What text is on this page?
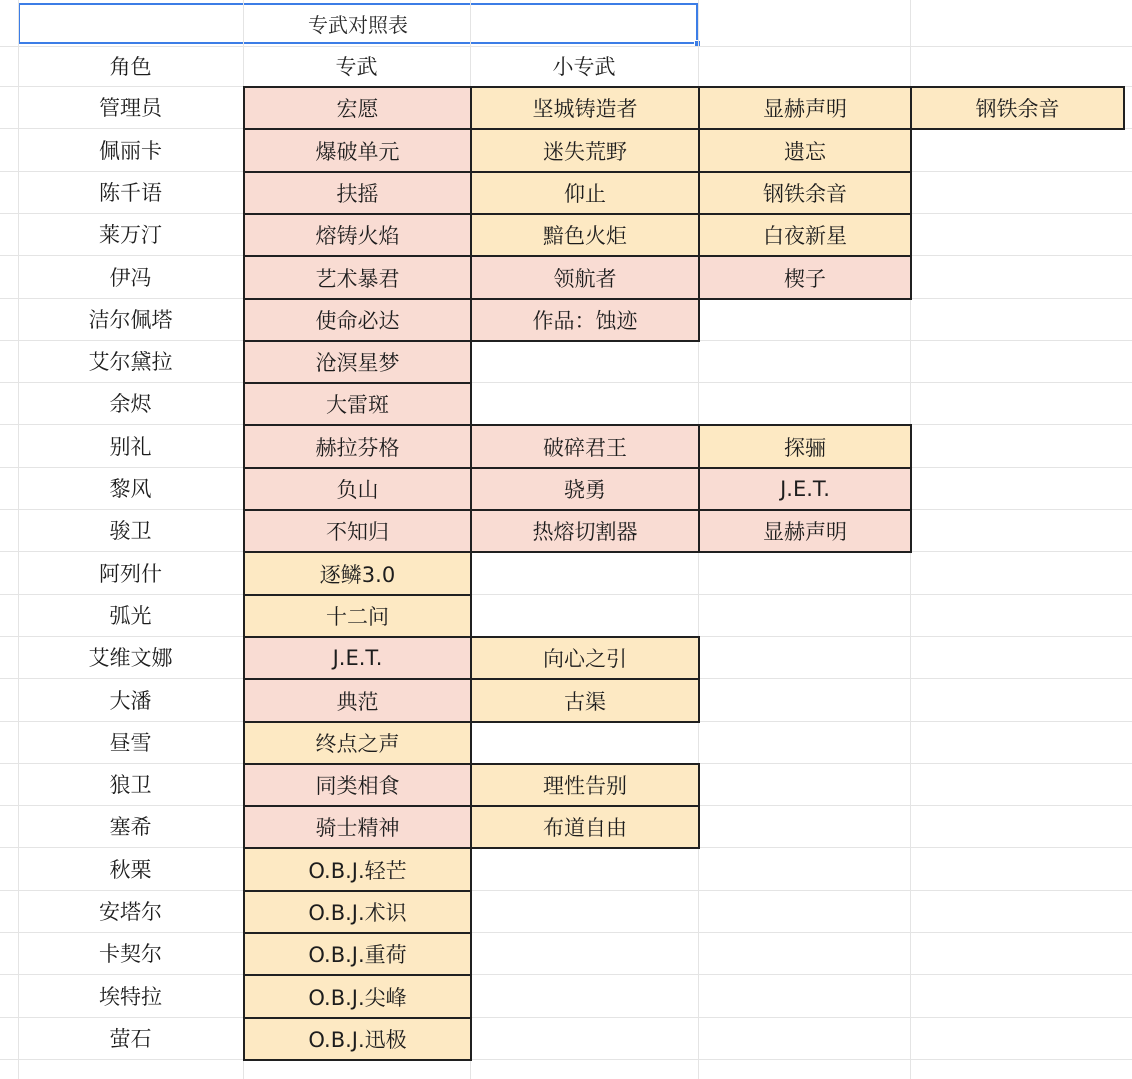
专武对照表
角色	专武	小专武
管理员	宏愿	坚城铸造者	显赫声明	钢铁余音
佩丽卡	爆破单元	迷失荒野	遗忘
陈千语	扶摇	仰止	钢铁余音
莱万汀	熔铸火焰	黯色火炬	白夜新星
伊冯	艺术暴君	领航者	楔子
洁尔佩塔	使命必达	作品：蚀迹
艾尔黛拉	沧溟星梦
余烬	大雷斑
别礼	赫拉芬格	破碎君王	探骊
黎风	负山	骁勇	J.E.T.
骏卫	不知归	热熔切割器	显赫声明
阿列什	逐鳞3.0
弧光	十二问
艾维文娜	J.E.T.	向心之引
大潘	典范	古渠
昼雪	终点之声
狼卫	同类相食	理性告别
塞希	骑士精神	布道自由
秋栗	O.B.J.轻芒
安塔尔	O.B.J.术识
卡契尔	O.B.J.重荷
埃特拉	O.B.J.尖峰
萤石	O.B.J.迅极
